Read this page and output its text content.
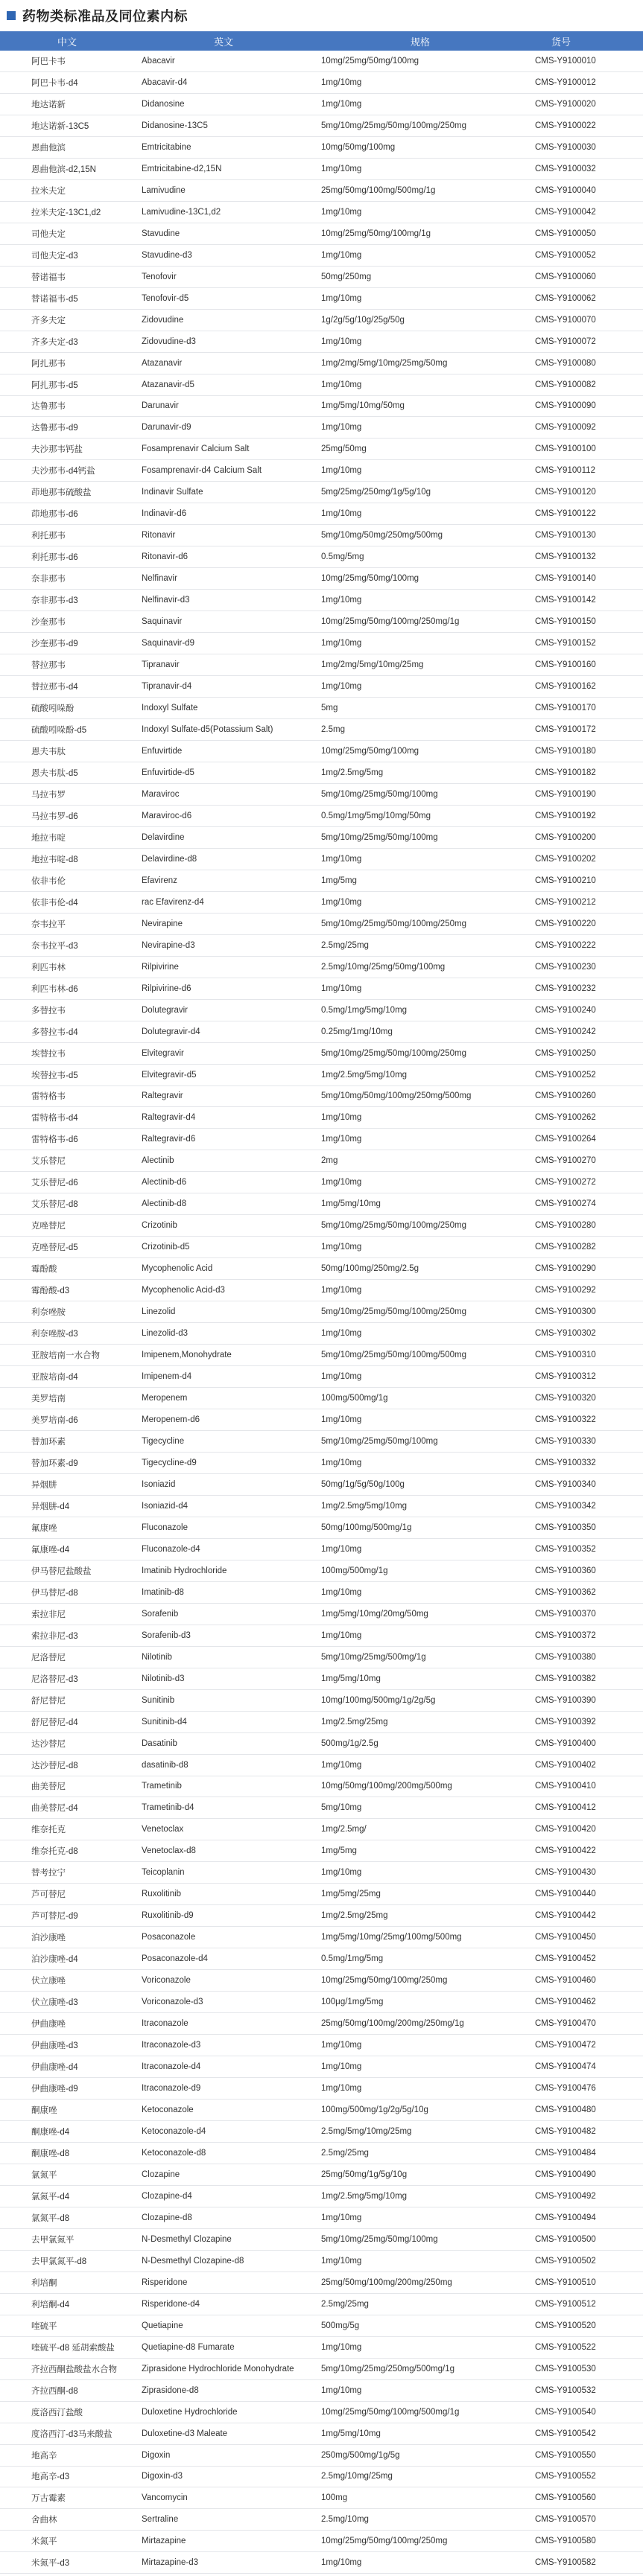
药物类标准品及同位素内标
中文	英文	规格	货号
阿巴卡韦	Abacavir	10mg/25mg/50mg/100mg	CMS-Y9100010
阿巴卡韦-d4	Abacavir-d4	1mg/10mg	CMS-Y9100012
地达诺新	Didanosine	1mg/10mg	CMS-Y9100020
地达诺新-13C5	Didanosine-13C5	5mg/10mg/25mg/50mg/100mg/250mg	CMS-Y9100022
恩曲他滨	Emtricitabine	10mg/50mg/100mg	CMS-Y9100030
恩曲他滨-d2,15N	Emtricitabine-d2,15N	1mg/10mg	CMS-Y9100032
拉米夫定	Lamivudine	25mg/50mg/100mg/500mg/1g	CMS-Y9100040
拉米夫定-13C1,d2	Lamivudine-13C1,d2	1mg/10mg	CMS-Y9100042
司他夫定	Stavudine	10mg/25mg/50mg/100mg/1g	CMS-Y9100050
司他夫定-d3	Stavudine-d3	1mg/10mg	CMS-Y9100052
替诺福韦	Tenofovir	50mg/250mg	CMS-Y9100060
替诺福韦-d5	Tenofovir-d5	1mg/10mg	CMS-Y9100062
齐多夫定	Zidovudine	1g/2g/5g/10g/25g/50g	CMS-Y9100070
齐多夫定-d3	Zidovudine-d3	1mg/10mg	CMS-Y9100072
阿扎那韦	Atazanavir	1mg/2mg/5mg/10mg/25mg/50mg	CMS-Y9100080
阿扎那韦-d5	Atazanavir-d5	1mg/10mg	CMS-Y9100082
达鲁那韦	Darunavir	1mg/5mg/10mg/50mg	CMS-Y9100090
达鲁那韦-d9	Darunavir-d9	1mg/10mg	CMS-Y9100092
夫沙那韦钙盐	Fosamprenavir Calcium Salt	25mg/50mg	CMS-Y9100100
夫沙那韦-d4钙盐	Fosamprenavir-d4 Calcium Salt	1mg/10mg	CMS-Y9100112
茚地那韦硫酸盐	Indinavir Sulfate	5mg/25mg/250mg/1g/5g/10g	CMS-Y9100120
茚地那韦-d6	Indinavir-d6	1mg/10mg	CMS-Y9100122
利托那韦	Ritonavir	5mg/10mg/50mg/250mg/500mg	CMS-Y9100130
利托那韦-d6	Ritonavir-d6	0.5mg/5mg	CMS-Y9100132
奈非那韦	Nelfinavir	10mg/25mg/50mg/100mg	CMS-Y9100140
奈非那韦-d3	Nelfinavir-d3	1mg/10mg	CMS-Y9100142
沙奎那韦	Saquinavir	10mg/25mg/50mg/100mg/250mg/1g	CMS-Y9100150
沙奎那韦-d9	Saquinavir-d9	1mg/10mg	CMS-Y9100152
替拉那韦	Tipranavir	1mg/2mg/5mg/10mg/25mg	CMS-Y9100160
替拉那韦-d4	Tipranavir-d4	1mg/10mg	CMS-Y9100162
硫酸吲哚酚	Indoxyl Sulfate	5mg	CMS-Y9100170
硫酸吲哚酚-d5	Indoxyl Sulfate-d5(Potassium Salt)	2.5mg	CMS-Y9100172
恩夫韦肽	Enfuvirtide	10mg/25mg/50mg/100mg	CMS-Y9100180
恩夫韦肽-d5	Enfuvirtide-d5	1mg/2.5mg/5mg	CMS-Y9100182
马拉韦罗	Maraviroc	5mg/10mg/25mg/50mg/100mg	CMS-Y9100190
马拉韦罗-d6	Maraviroc-d6	0.5mg/1mg/5mg/10mg/50mg	CMS-Y9100192
地拉韦啶	Delavirdine	5mg/10mg/25mg/50mg/100mg	CMS-Y9100200
地拉韦啶-d8	Delavirdine-d8	1mg/10mg	CMS-Y9100202
依非韦伦	Efavirenz	1mg/5mg	CMS-Y9100210
依非韦伦-d4	rac Efavirenz-d4	1mg/10mg	CMS-Y9100212
奈韦拉平	Nevirapine	5mg/10mg/25mg/50mg/100mg/250mg	CMS-Y9100220
奈韦拉平-d3	Nevirapine-d3	2.5mg/25mg	CMS-Y9100222
利匹韦林	Rilpivirine	2.5mg/10mg/25mg/50mg/100mg	CMS-Y9100230
利匹韦林-d6	Rilpivirine-d6	1mg/10mg	CMS-Y9100232
多替拉韦	Dolutegravir	0.5mg/1mg/5mg/10mg	CMS-Y9100240
多替拉韦-d4	Dolutegravir-d4	0.25mg/1mg/10mg	CMS-Y9100242
埃替拉韦	Elvitegravir	5mg/10mg/25mg/50mg/100mg/250mg	CMS-Y9100250
埃替拉韦-d5	Elvitegravir-d5	1mg/2.5mg/5mg/10mg	CMS-Y9100252
雷特格韦	Raltegravir	5mg/10mg/50mg/100mg/250mg/500mg	CMS-Y9100260
雷特格韦-d4	Raltegravir-d4	1mg/10mg	CMS-Y9100262
雷特格韦-d6	Raltegravir-d6	1mg/10mg	CMS-Y9100264
艾乐替尼	Alectinib	2mg	CMS-Y9100270
艾乐替尼-d6	Alectinib-d6	1mg/10mg	CMS-Y9100272
艾乐替尼-d8	Alectinib-d8	1mg/5mg/10mg	CMS-Y9100274
克唑替尼	Crizotinib	5mg/10mg/25mg/50mg/100mg/250mg	CMS-Y9100280
克唑替尼-d5	Crizotinib-d5	1mg/10mg	CMS-Y9100282
霉酚酸	Mycophenolic Acid	50mg/100mg/250mg/2.5g	CMS-Y9100290
霉酚酸-d3	Mycophenolic Acid-d3	1mg/10mg	CMS-Y9100292
利奈唑胺	Linezolid	5mg/10mg/25mg/50mg/100mg/250mg	CMS-Y9100300
利奈唑胺-d3	Linezolid-d3	1mg/10mg	CMS-Y9100302
亚胺培南一水合物	Imipenem,Monohydrate	5mg/10mg/25mg/50mg/100mg/500mg	CMS-Y9100310
亚胺培南-d4	Imipenem-d4	1mg/10mg	CMS-Y9100312
美罗培南	Meropenem	100mg/500mg/1g	CMS-Y9100320
美罗培南-d6	Meropenem-d6	1mg/10mg	CMS-Y9100322
替加环素	Tigecycline	5mg/10mg/25mg/50mg/100mg	CMS-Y9100330
替加环素-d9	Tigecycline-d9	1mg/10mg	CMS-Y9100332
异烟肼	Isoniazid	50mg/1g/5g/50g/100g	CMS-Y9100340
异烟肼-d4	Isoniazid-d4	1mg/2.5mg/5mg/10mg	CMS-Y9100342
氟康唑	Fluconazole	50mg/100mg/500mg/1g	CMS-Y9100350
氟康唑-d4	Fluconazole-d4	1mg/10mg	CMS-Y9100352
伊马替尼盐酸盐	Imatinib Hydrochloride	100mg/500mg/1g	CMS-Y9100360
伊马替尼-d8	Imatinib-d8	1mg/10mg	CMS-Y9100362
索拉非尼	Sorafenib	1mg/5mg/10mg/20mg/50mg	CMS-Y9100370
索拉非尼-d3	Sorafenib-d3	1mg/10mg	CMS-Y9100372
尼洛替尼	Nilotinib	5mg/10mg/25mg/500mg/1g	CMS-Y9100380
尼洛替尼-d3	Nilotinib-d3	1mg/5mg/10mg	CMS-Y9100382
舒尼替尼	Sunitinib	10mg/100mg/500mg/1g/2g/5g	CMS-Y9100390
舒尼替尼-d4	Sunitinib-d4	1mg/2.5mg/25mg	CMS-Y9100392
达沙替尼	Dasatinib	500mg/1g/2.5g	CMS-Y9100400
达沙替尼-d8	dasatinib-d8	1mg/10mg	CMS-Y9100402
曲美替尼	Trametinib	10mg/50mg/100mg/200mg/500mg	CMS-Y9100410
曲美替尼-d4	Trametinib-d4	5mg/10mg	CMS-Y9100412
维奈托克	Venetoclax	1mg/2.5mg/	CMS-Y9100420
维奈托克-d8	Venetoclax-d8	1mg/5mg	CMS-Y9100422
替考拉宁	Teicoplanin	1mg/10mg	CMS-Y9100430
芦可替尼	Ruxolitinib	1mg/5mg/25mg	CMS-Y9100440
芦可替尼-d9	Ruxolitinib-d9	1mg/2.5mg/25mg	CMS-Y9100442
泊沙康唑	Posaconazole	1mg/5mg/10mg/25mg/100mg/500mg	CMS-Y9100450
泊沙康唑-d4	Posaconazole-d4	0.5mg/1mg/5mg	CMS-Y9100452
伏立康唑	Voriconazole	10mg/25mg/50mg/100mg/250mg	CMS-Y9100460
伏立康唑-d3	Voriconazole-d3	100μg/1mg/5mg	CMS-Y9100462
伊曲康唑	Itraconazole	25mg/50mg/100mg/200mg/250mg/1g	CMS-Y9100470
伊曲康唑-d3	Itraconazole-d3	1mg/10mg	CMS-Y9100472
伊曲康唑-d4	Itraconazole-d4	1mg/10mg	CMS-Y9100474
伊曲康唑-d9	Itraconazole-d9	1mg/10mg	CMS-Y9100476
酮康唑	Ketoconazole	100mg/500mg/1g/2g/5g/10g	CMS-Y9100480
酮康唑-d4	Ketoconazole-d4	2.5mg/5mg/10mg/25mg	CMS-Y9100482
酮康唑-d8	Ketoconazole-d8	2.5mg/25mg	CMS-Y9100484
氯氮平	Clozapine	25mg/50mg/1g/5g/10g	CMS-Y9100490
氯氮平-d4	Clozapine-d4	1mg/2.5mg/5mg/10mg	CMS-Y9100492
氯氮平-d8	Clozapine-d8	1mg/10mg	CMS-Y9100494
去甲氯氮平	N-Desmethyl Clozapine	5mg/10mg/25mg/50mg/100mg	CMS-Y9100500
去甲氯氮平-d8	N-Desmethyl Clozapine-d8	1mg/10mg	CMS-Y9100502
利培酮	Risperidone	25mg/50mg/100mg/200mg/250mg	CMS-Y9100510
利培酮-d4	Risperidone-d4	2.5mg/25mg	CMS-Y9100512
喹硫平	Quetiapine	500mg/5g	CMS-Y9100520
喹硫平-d8 延胡索酸盐	Quetiapine-d8 Fumarate	1mg/10mg	CMS-Y9100522
齐拉西酮盐酸盐水合物	Ziprasidone Hydrochloride Monohydrate	5mg/10mg/25mg/250mg/500mg/1g	CMS-Y9100530
齐拉西酮-d8	Ziprasidone-d8	1mg/10mg	CMS-Y9100532
度洛西汀盐酸	Duloxetine Hydrochloride	10mg/25mg/50mg/100mg/500mg/1g	CMS-Y9100540
度洛西汀-d3马来酸盐	Duloxetine-d3 Maleate	1mg/5mg/10mg	CMS-Y9100542
地高辛	Digoxin	250mg/500mg/1g/5g	CMS-Y9100550
地高辛-d3	Digoxin-d3	2.5mg/10mg/25mg	CMS-Y9100552
万古霉素	Vancomycin	100mg	CMS-Y9100560
舍曲林	Sertraline	2.5mg/10mg	CMS-Y9100570
米氮平	Mirtazapine	10mg/25mg/50mg/100mg/250mg	CMS-Y9100580
米氮平-d3	Mirtazapine-d3	1mg/10mg	CMS-Y9100582
